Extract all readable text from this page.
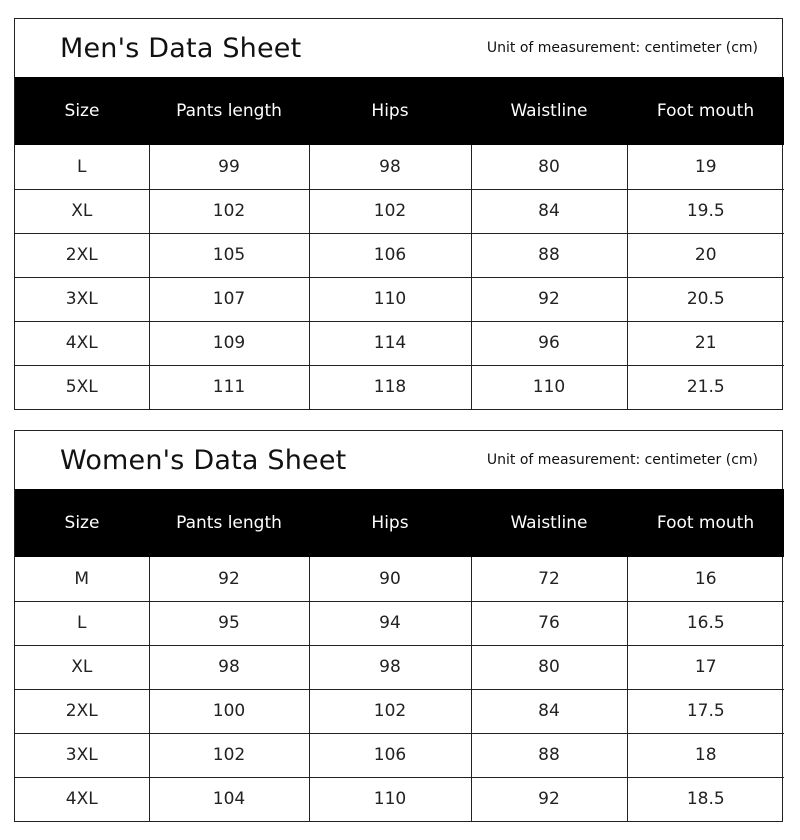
Men's Data Sheet	Unit of measurement: centimeter (cm)
Size	Pants length	Hips	Waistline	Foot mouth
L	99	98	80	19
XL	102	102	84	19.5
2XL	105	106	88	20
3XL	107	110	92	20.5
4XL	109	114	96	21
5XL	111	118	110	21.5
Women's Data Sheet	Unit of measurement: centimeter (cm)
Size	Pants length	Hips	Waistline	Foot mouth
M	92	90	72	16
L	95	94	76	16.5
XL	98	98	80	17
2XL	100	102	84	17.5
3XL	102	106	88	18
4XL	104	110	92	18.5
